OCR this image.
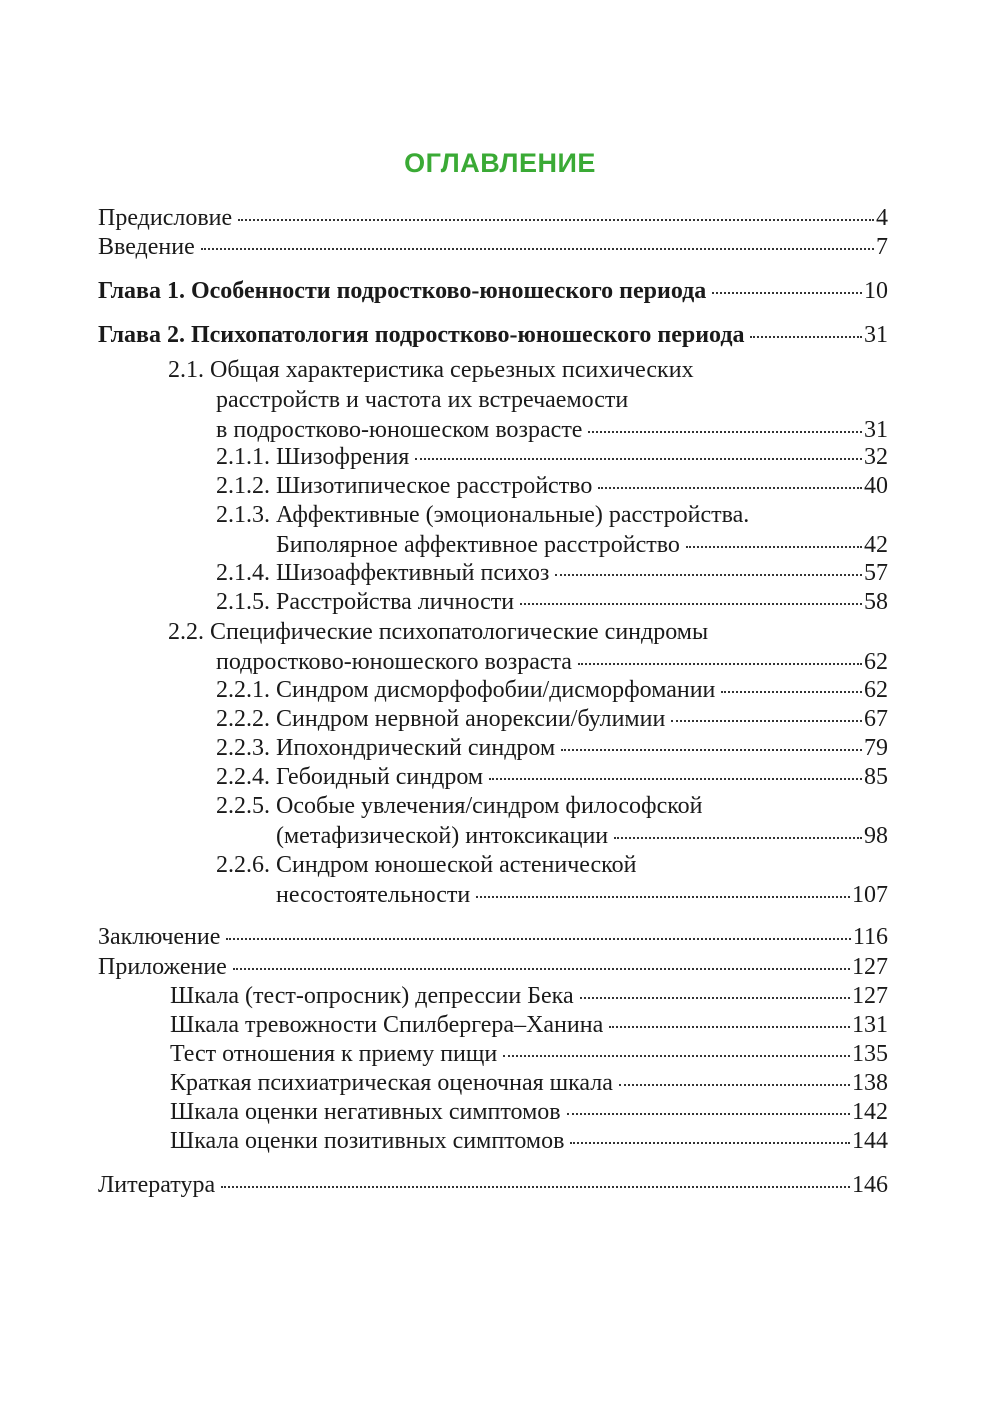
ОГЛАВЛЕНИЕ
Предисловие	4
Введение	7
Глава 1. Особенности подростково-юношеского периода	10
Глава 2. Психопатология подростково-юношеского периода	31
2.1. Общая характеристика серьезных психических
расстройств и частота их встречаемости
в подростково-юношеском возрасте	31
2.1.1. Шизофрения	32
2.1.2. Шизотипическое расстройство	40
2.1.3. Аффективные (эмоциональные) расстройства.
Биполярное аффективное расстройство	42
2.1.4. Шизоаффективный психоз	57
2.1.5. Расстройства личности	58
2.2. Специфические психопатологические синдромы
подростково-юношеского возраста	62
2.2.1. Синдром дисморфофобии/дисморфомании	62
2.2.2. Синдром нервной анорексии/булимии	67
2.2.3. Ипохондрический синдром	79
2.2.4. Гебоидный синдром	85
2.2.5. Особые увлечения/синдром философской
(метафизической) интоксикации	98
2.2.6. Синдром юношеской астенической
несостоятельности	107
Заключение	116
Приложение	127
Шкала (тест-опросник) депрессии Бека	127
Шкала тревожности Спилбергера–Ханина	131
Тест отношения к приему пищи	135
Краткая психиатрическая оценочная шкала	138
Шкала оценки негативных симптомов	142
Шкала оценки позитивных симптомов	144
Литература	146
